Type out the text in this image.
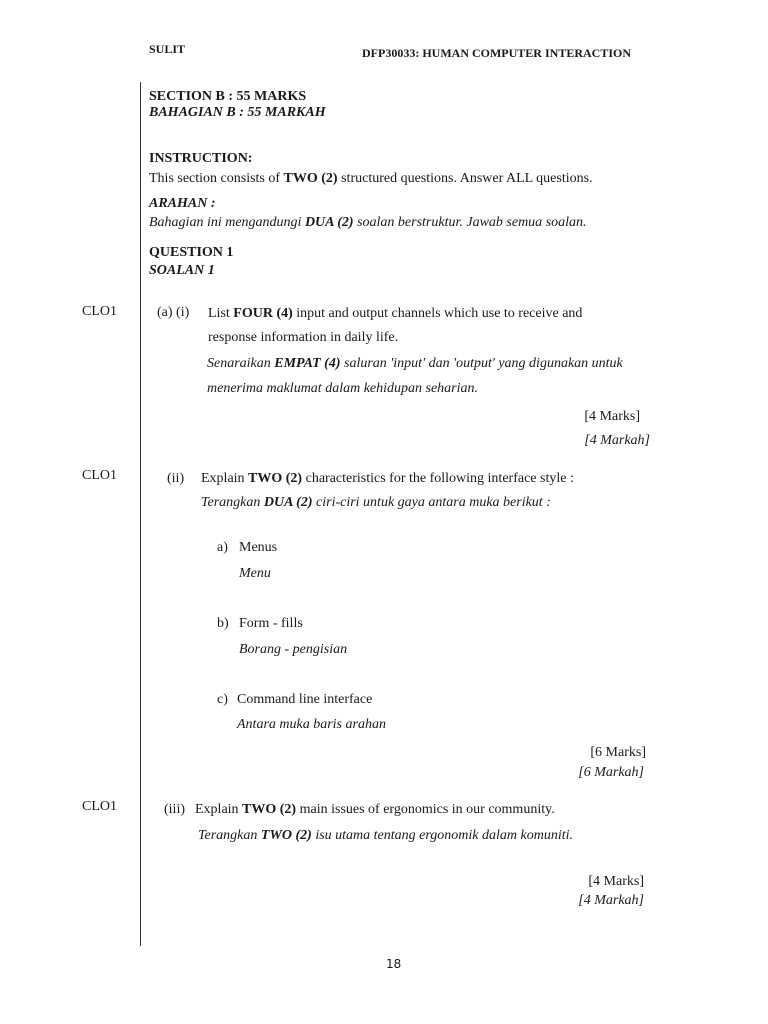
SULIT	DFP30033: HUMAN COMPUTER INTERACTION
SECTION B : 55 MARKS
BAHAGIAN B : 55 MARKAH
INSTRUCTION:
This section consists of TWO (2) structured questions. Answer ALL questions.
ARAHAN :
Bahagian ini mengandungi DUA (2) soalan berstruktur. Jawab semua soalan.
QUESTION 1
SOALAN 1
CLO1	(a) (i) List FOUR (4) input and output channels which use to receive and
response information in daily life.
Senaraikan EMPAT (4) saluran 'input' dan 'output' yang digunakan untuk
menerima maklumat dalam kehidupan seharian.
[4 Marks]
[4 Markah]
CLO1	(ii) Explain TWO (2) characteristics for the following interface style :
Terangkan DUA (2) ciri-ciri untuk gaya antara muka berikut :
a) Menus
Menu
b) Form - fills
Borang - pengisian
c) Command line interface
Antara muka baris arahan
[6 Marks]
[6 Markah]
CLO1	(iii) Explain TWO (2) main issues of ergonomics in our community.
Terangkan TWO (2) isu utama tentang ergonomik dalam komuniti.
[4 Marks]
[4 Markah]
18
